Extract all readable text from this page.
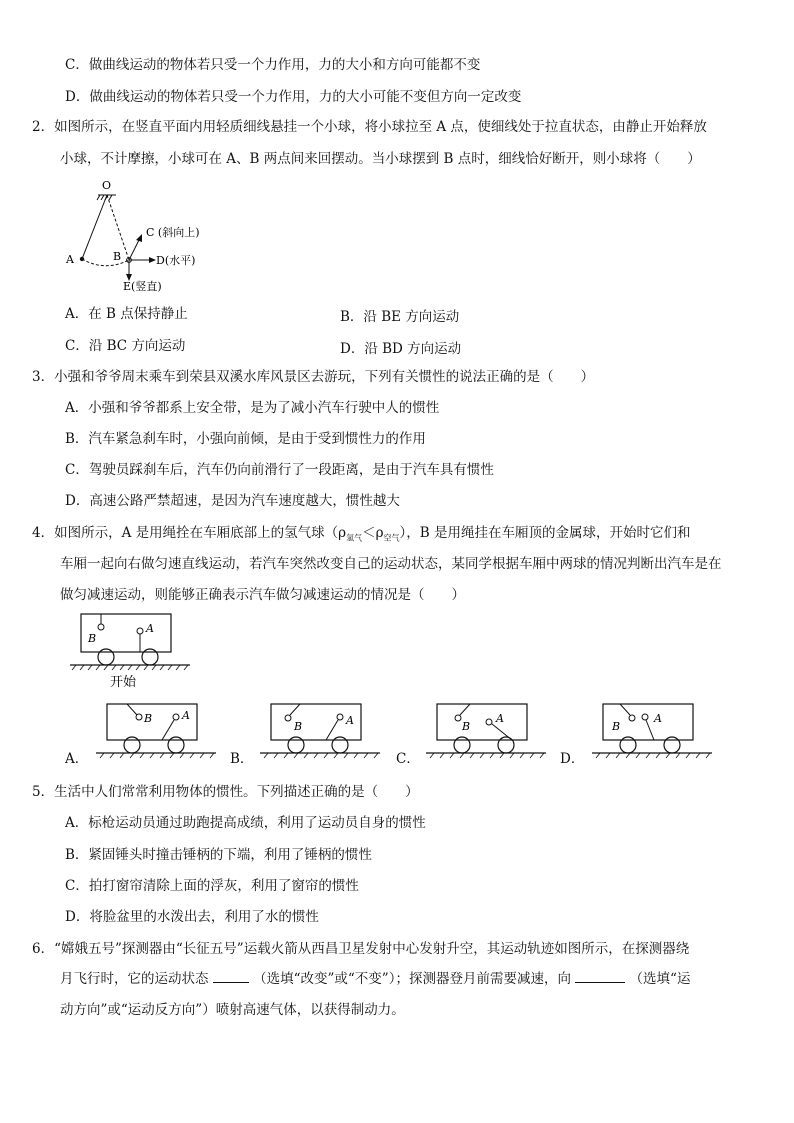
C．做曲线运动的物体若只受一个力作用，力的大小和方向可能都不变
D．做曲线运动的物体若只受一个力作用，力的大小可能不变但方向一定改变
2．如图所示，在竖直平面内用轻质细线悬挂一个小球，将小球拉至 A 点，使细线处于拉直状态，由静止开始释放
小球，不计摩擦，小球可在 A、B 两点间来回摆动。当小球摆到 B 点时，细线恰好断开，则小球将（　　）
O
A	B
C (斜向上)
D(水平)
E(竖直)
A．在 B 点保持静止	B．沿 BE 方向运动
C．沿 BC 方向运动	D．沿 BD 方向运动
3．小强和爷爷周末乘车到荣县双溪水库风景区去游玩，下列有关惯性的说法正确的是（　　）
A．小强和爷爷都系上安全带，是为了减小汽车行驶中人的惯性
B．汽车紧急刹车时，小强向前倾，是由于受到惯性力的作用
C．驾驶员踩刹车后，汽车仍向前滑行了一段距离，是由于汽车具有惯性
D．高速公路严禁超速，是因为汽车速度越大，惯性越大
4．如图所示，A 是用绳拴在车厢底部上的氢气球$(\rho_{氢气}<\rho_{空气})$，B 是用绳挂在车厢顶的金属球，开始时它们和
车厢一起向右做匀速直线运动，若汽车突然改变自己的运动状态，某同学根据车厢中两球的情况判断出汽车是在
做匀减速运动，则能够正确表示汽车做匀减速运动的情况是（　　）
B
A
开始
A．
B	A
B．
B	A
C．
B
A
D．
B
A
5．生活中人们常常利用物体的惯性。下列描述正确的是（　　）
A．标枪运动员通过助跑提高成绩，利用了运动员自身的惯性
B．紧固锤头时撞击锤柄的下端，利用了锤柄的惯性
C．拍打窗帘清除上面的浮灰，利用了窗帘的惯性
D．将脸盆里的水泼出去，利用了水的惯性
6．“嫦娥五号”探测器由“长征五号”运载火箭从西昌卫星发射中心发射升空，其运动轨迹如图所示，在探测器绕
月飞行时，它的运动状态	（选填“改变”或“不变”）；探测器登月前需要减速，向	（选填“运
动方向”或“运动反方向”）喷射高速气体，以获得制动力。
